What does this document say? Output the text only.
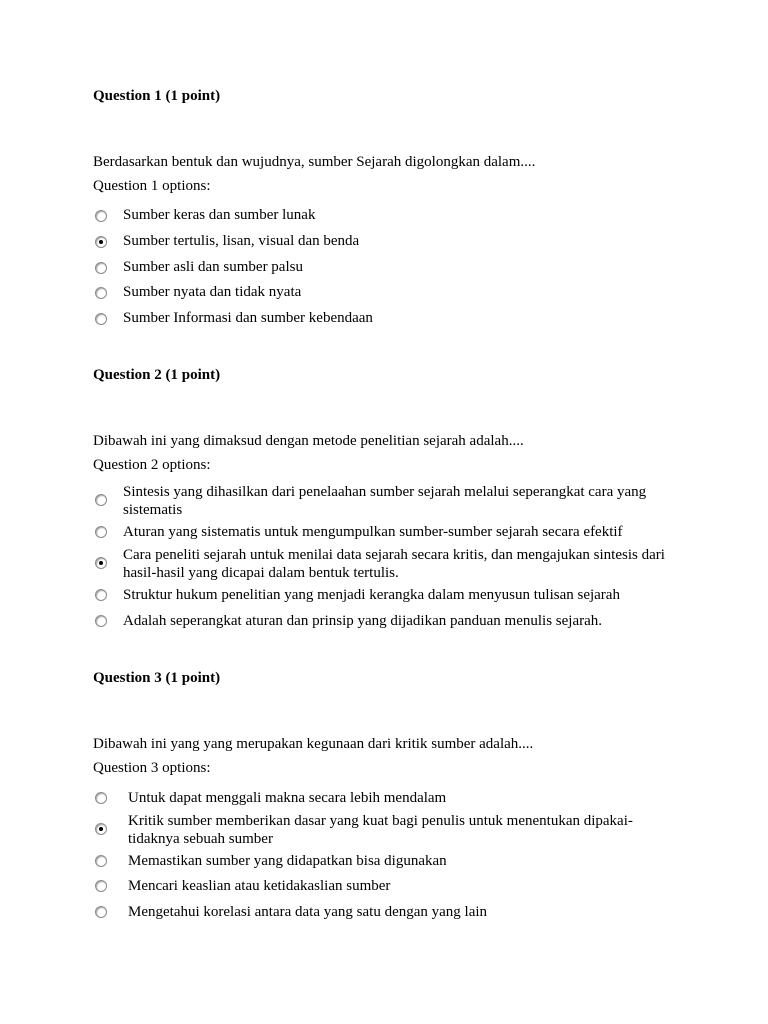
Question 1 (1 point)
Berdasarkan bentuk dan wujudnya, sumber Sejarah digolongkan dalam....
Question 1 options:
Sumber keras dan sumber lunak
Sumber tertulis, lisan, visual dan benda
Sumber asli dan sumber palsu
Sumber nyata dan tidak nyata
Sumber Informasi dan sumber kebendaan
Question 2 (1 point)
Dibawah ini yang dimaksud dengan metode penelitian sejarah adalah....
Question 2 options:
Sintesis yang dihasilkan dari penelaahan sumber sejarah melalui seperangkat cara yang sistematis
Aturan yang sistematis untuk mengumpulkan sumber-sumber sejarah secara efektif
Cara peneliti sejarah untuk menilai data sejarah secara kritis, dan mengajukan sintesis dari hasil-hasil yang dicapai dalam bentuk tertulis.
Struktur hukum penelitian yang menjadi kerangka dalam menyusun tulisan sejarah
Adalah seperangkat aturan dan prinsip yang dijadikan panduan menulis sejarah.
Question 3 (1 point)
Dibawah ini yang yang merupakan kegunaan dari kritik sumber adalah....
Question 3 options:
Untuk dapat menggali makna secara lebih mendalam
Kritik sumber memberikan dasar yang kuat bagi penulis untuk menentukan dipakai-tidaknya sebuah sumber
Memastikan sumber yang didapatkan bisa digunakan
Mencari keaslian atau ketidakaslian sumber
Mengetahui korelasi antara data yang satu dengan yang lain
